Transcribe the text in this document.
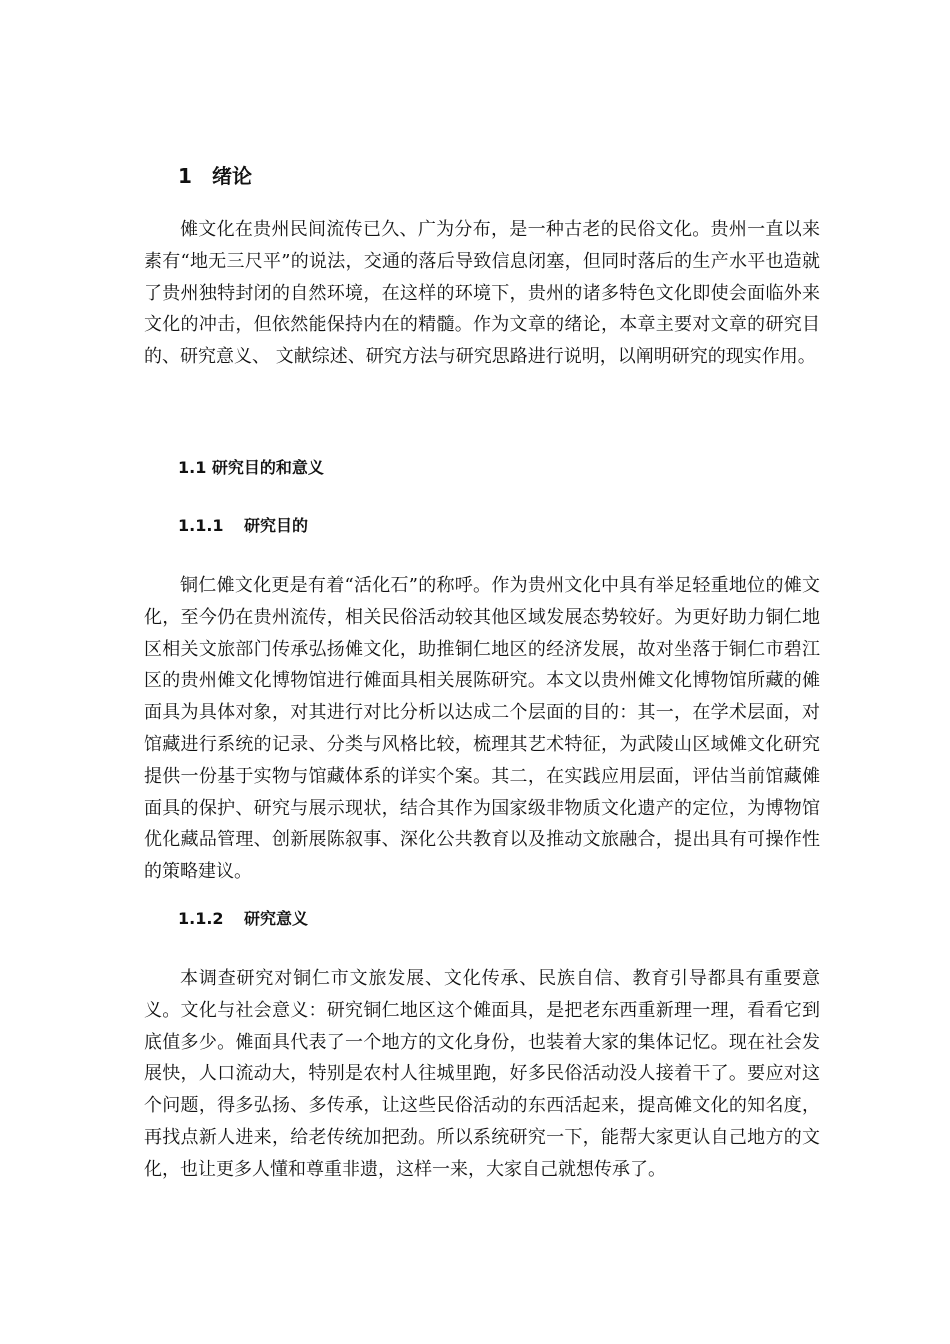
1 绪论

傩文化在贵州民间流传已久、广为分布，是一种古老的民俗文化。贵州一直以来素有“地无三尺平”的说法，交通的落后导致信息闭塞，但同时落后的生产水平也造就了贵州独特封闭的自然环境，在这样的环境下，贵州的诸多特色文化即使会面临外来文化的冲击，但依然能保持内在的精髓。作为文章的绪论，本章主要对文章的研究目的、研究意义、 文献综述、研究方法与研究思路进行说明，以阐明研究的现实作用。

1.1 研究目的和意义
1.1.1 研究目的

铜仁傩文化更是有着“活化石”的称呼。作为贵州文化中具有举足轻重地位的傩文化，至今仍在贵州流传，相关民俗活动较其他区域发展态势较好。为更好助力铜仁地区相关文旅部门传承弘扬傩文化，助推铜仁地区的经济发展，故对坐落于铜仁市碧江区的贵州傩文化博物馆进行傩面具相关展陈研究。本文以贵州傩文化博物馆所藏的傩面具为具体对象，对其进行对比分析以达成二个层面的目的：其一，在学术层面，对馆藏进行系统的记录、分类与风格比较，梳理其艺术特征，为武陵山区域傩文化研究提供一份基于实物与馆藏体系的详实个案。其二，在实践应用层面，评估当前馆藏傩面具的保护、研究与展示现状，结合其作为国家级非物质文化遗产的定位，为博物馆优化藏品管理、创新展陈叙事、深化公共教育以及推动文旅融合，提出具有可操作性的策略建议。

1.1.2 研究意义

本调查研究对铜仁市文旅发展、文化传承、民族自信、教育引导都具有重要意义。文化与社会意义：研究铜仁地区这个傩面具，是把老东西重新理一理，看看它到底值多少。傩面具代表了一个地方的文化身份，也装着大家的集体记忆。现在社会发展快，人口流动大，特别是农村人往城里跑，好多民俗活动没人接着干了。要应对这个问题，得多弘扬、多传承，让这些民俗活动的东西活起来，提高傩文化的知名度，再找点新人进来，给老传统加把劲。所以系统研究一下，能帮大家更认自己地方的文化，也让更多人懂和尊重非遗，这样一来，大家自己就想传承了。
